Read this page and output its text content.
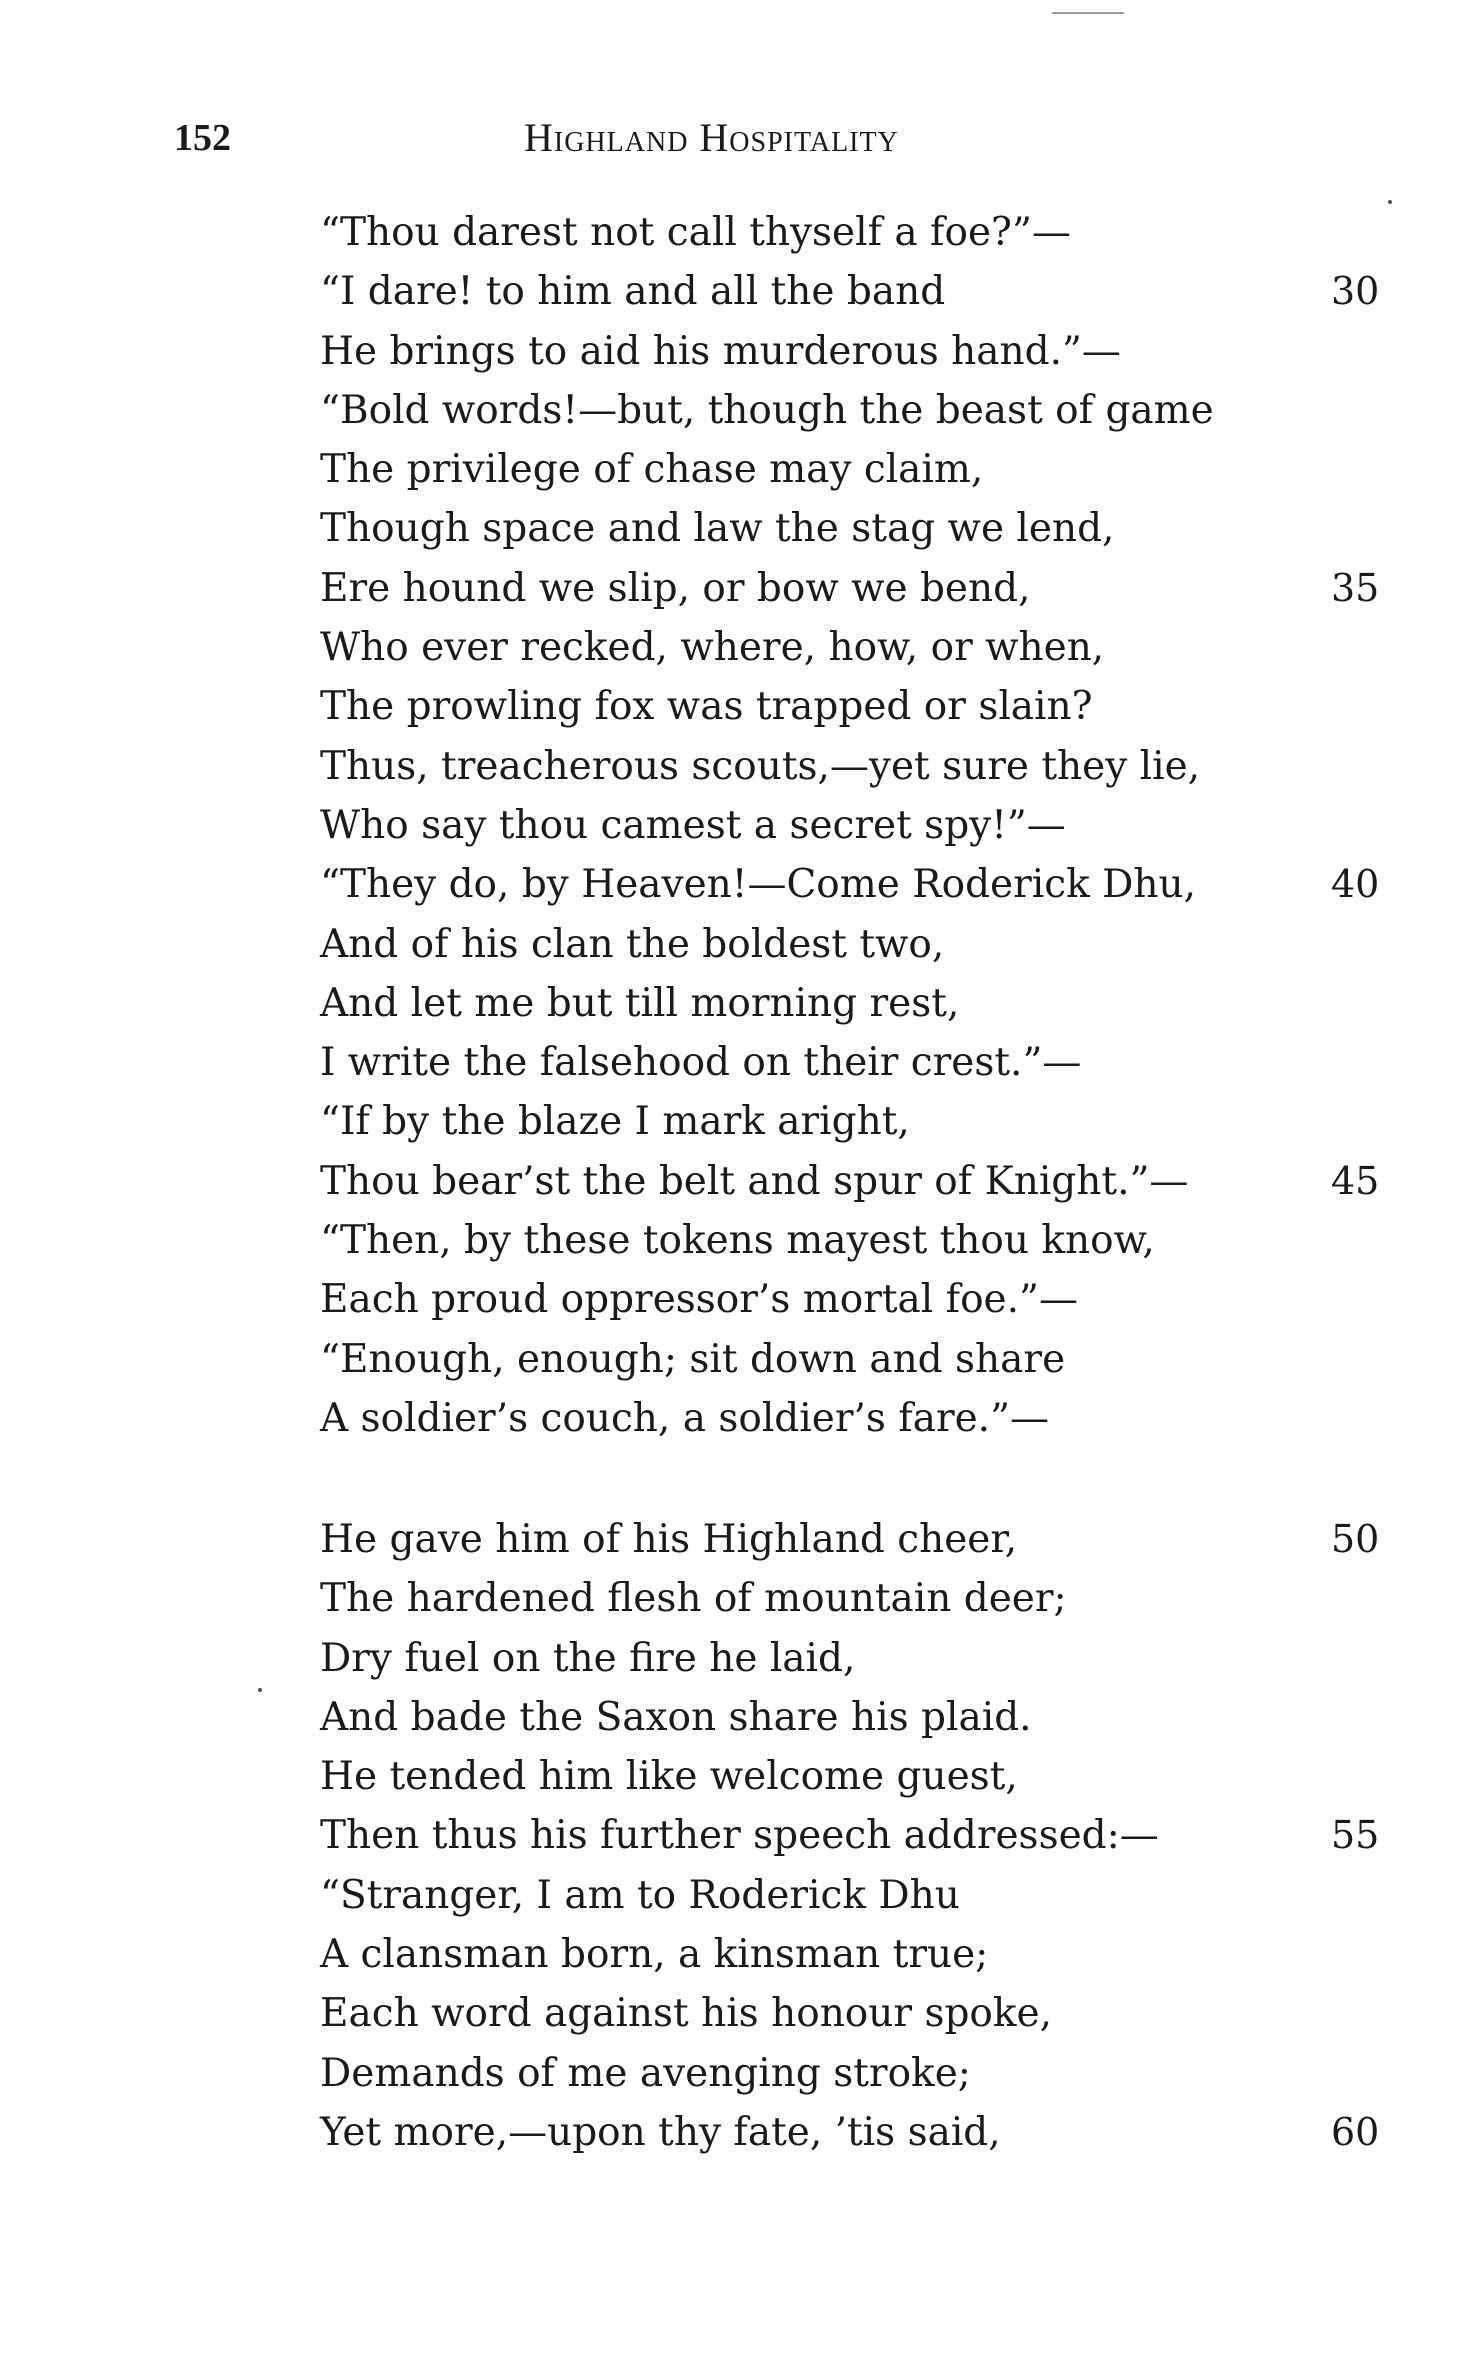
152	Highland Hospitality
“Thou darest not call thyself a foe?”—
“I dare! to him and all the band	30
He brings to aid his murderous hand.”—
“Bold words!—but, though the beast of game
The privilege of chase may claim,
Though space and law the stag we lend,
Ere hound we slip, or bow we bend,	35
Who ever recked, where, how, or when,
The prowling fox was trapped or slain?
Thus, treacherous scouts,—yet sure they lie,
Who say thou camest a secret spy!”—
“They do, by Heaven!—Come Roderick Dhu,	40
And of his clan the boldest two,
And let me but till morning rest,
I write the falsehood on their crest.”—
“If by the blaze I mark aright,
Thou bear’st the belt and spur of Knight.”—	45
“Then, by these tokens mayest thou know,
Each proud oppressor’s mortal foe.”—
“Enough, enough; sit down and share
A soldier’s couch, a soldier’s fare.”—
He gave him of his Highland cheer,	50
The hardened flesh of mountain deer;
Dry fuel on the fire he laid,
And bade the Saxon share his plaid.
He tended him like welcome guest,
Then thus his further speech addressed:—	55
“Stranger, I am to Roderick Dhu
A clansman born, a kinsman true;
Each word against his honour spoke,
Demands of me avenging stroke;
Yet more,—upon thy fate, ’tis said,	60
